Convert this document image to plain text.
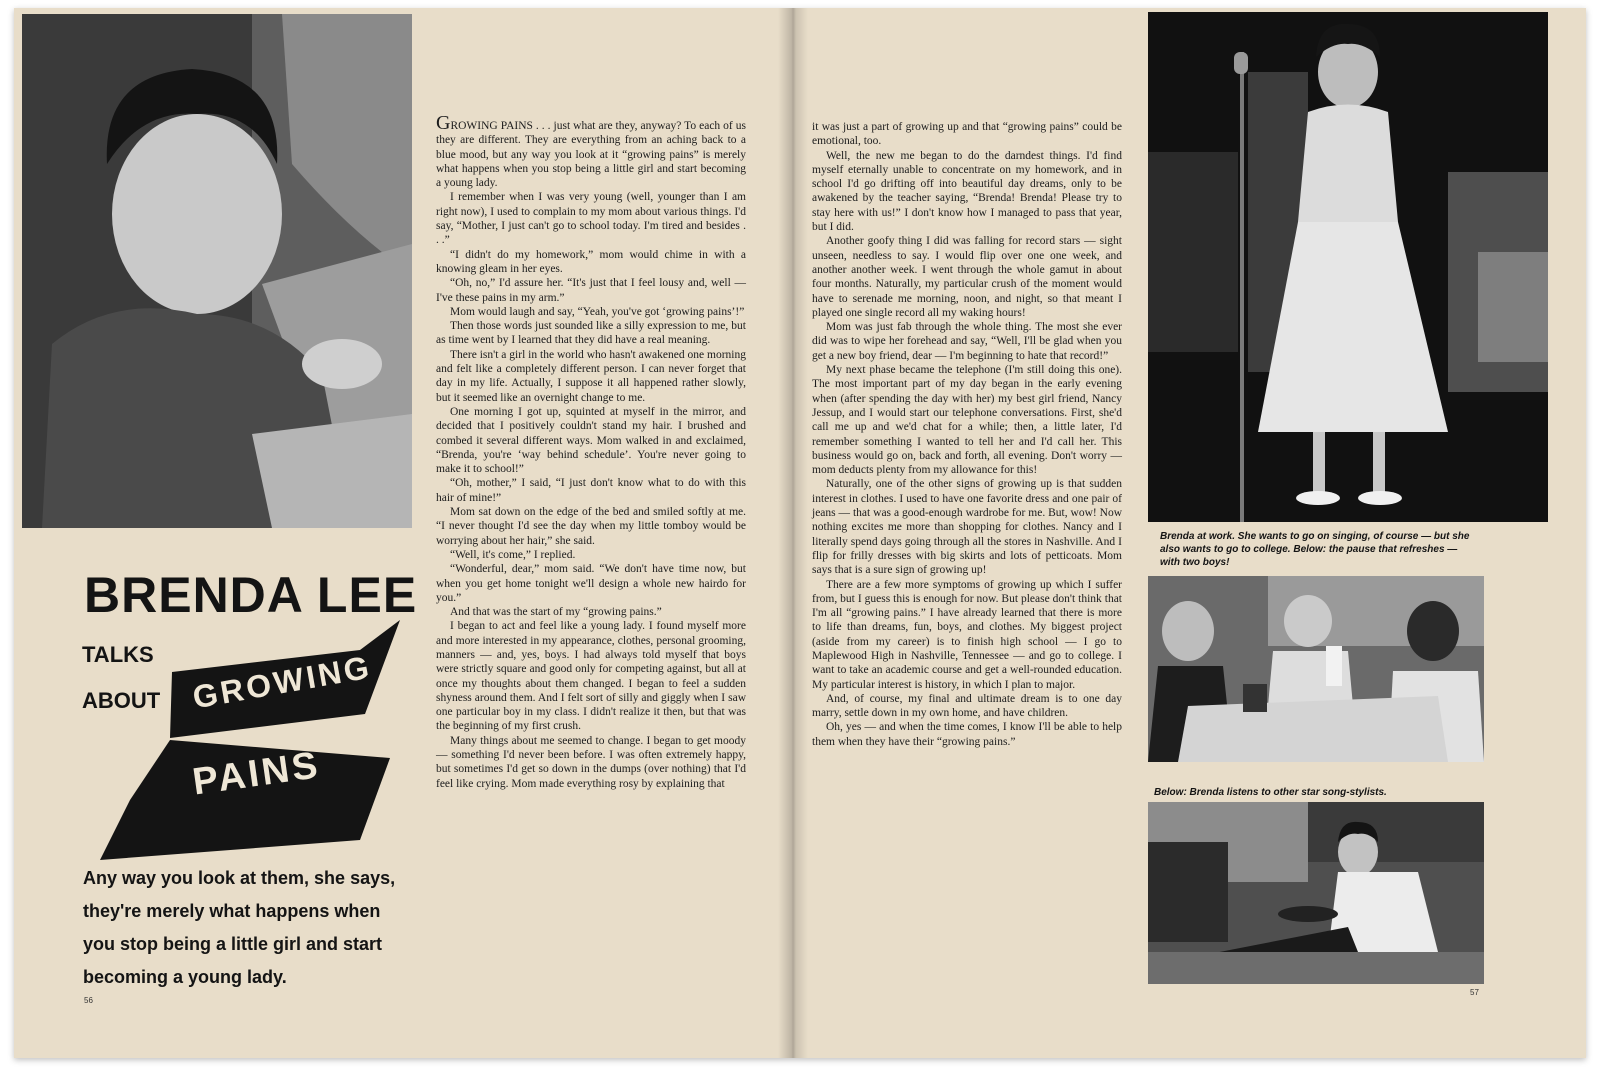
BRENDA LEE
TALKS
ABOUT GROWING
PAINS
Any way you look at them, she says, they're merely what happens when you stop being a little girl and start becoming a young lady.
56

GROWING PAINS . . . just what are they, anyway? To each of us they are different. They are everything from an aching back to a blue mood, but any way you look at it “growing pains” is merely what happens when you stop being a little girl and start becoming a young lady.

I remember when I was very young (well, younger than I am right now), I used to complain to my mom about various things. I'd say, “Mother, I just can't go to school today. I'm tired and besides . . .”

“I didn't do my homework,” mom would chime in with a knowing gleam in her eyes.

“Oh, no,” I'd assure her. “It's just that I feel lousy and, well — I've these pains in my arm.”

Mom would laugh and say, “Yeah, you've got ‘growing pains’!”

Then those words just sounded like a silly expression to me, but as time went by I learned that they did have a real meaning.

There isn't a girl in the world who hasn't awakened one morning and felt like a completely different person. I can never forget that day in my life. Actually, I suppose it all happened rather slowly, but it seemed like an overnight change to me.

One morning I got up, squinted at myself in the mirror, and decided that I positively couldn't stand my hair. I brushed and combed it several different ways. Mom walked in and exclaimed, “Brenda, you're ‘way behind schedule’. You're never going to make it to school!”

“Oh, mother,” I said, “I just don't know what to do with this hair of mine!”

Mom sat down on the edge of the bed and smiled softly at me. “I never thought I'd see the day when my little tomboy would be worrying about her hair,” she said.

“Well, it's come,” I replied.

“Wonderful, dear,” mom said. “We don't have time now, but when you get home tonight we'll design a whole new hairdo for you.”

And that was the start of my “growing pains.”

I began to act and feel like a young lady. I found myself more and more interested in my appearance, clothes, personal grooming, manners — and, yes, boys. I had always told myself that boys were strictly square and good only for competing against, but all at once my thoughts about them changed. I began to feel a sudden shyness around them. And I felt sort of silly and giggly when I saw one particular boy in my class. I didn't realize it then, but that was the beginning of my first crush.

Many things about me seemed to change. I began to get moody — something I'd never been before. I was often extremely happy, but sometimes I'd get so down in the dumps (over nothing) that I'd feel like crying. Mom made everything rosy by explaining that

it was just a part of growing up and that “growing pains” could be emotional, too.

Well, the new me began to do the darndest things. I'd find myself eternally unable to concentrate on my homework, and in school I'd go drifting off into beautiful day dreams, only to be awakened by the teacher saying, “Brenda! Brenda! Please try to stay here with us!” I don't know how I managed to pass that year, but I did.

Another goofy thing I did was falling for record stars — sight unseen, needless to say. I would flip over one one week, and another another week. I went through the whole gamut in about four months. Naturally, my particular crush of the moment would have to serenade me morning, noon, and night, so that meant I played one single record all my waking hours!

Mom was just fab through the whole thing. The most she ever did was to wipe her forehead and say, “Well, I'll be glad when you get a new boy friend, dear — I'm beginning to hate that record!”

My next phase became the telephone (I'm still doing this one). The most important part of my day began in the early evening when (after spending the day with her) my best girl friend, Nancy Jessup, and I would start our telephone conversations. First, she'd call me up and we'd chat for a while; then, a little later, I'd remember something I wanted to tell her and I'd call her. This business would go on, back and forth, all evening. Don't worry — mom deducts plenty from my allowance for this!

Naturally, one of the other signs of growing up is that sudden interest in clothes. I used to have one favorite dress and one pair of jeans — that was a good-enough wardrobe for me. But, wow! Now nothing excites me more than shopping for clothes. Nancy and I literally spend days going through all the stores in Nashville. And I flip for frilly dresses with big skirts and lots of petticoats. Mom says that is a sure sign of growing up!

There are a few more symptoms of growing up which I suffer from, but I guess this is enough for now. But please don't think that I'm all “growing pains.” I have already learned that there is more to life than dreams, fun, boys, and clothes. My biggest project (aside from my career) is to finish high school — I go to Maplewood High in Nashville, Tennessee — and go to college. I want to take an academic course and get a well-rounded education. My particular interest is history, in which I plan to major.

And, of course, my final and ultimate dream is to one day marry, settle down in my own home, and have children.

Oh, yes — and when the time comes, I know I'll be able to help them when they have their “growing pains.”

Brenda at work. She wants to go on singing, of course — but she also wants to go to college. Below: the pause that refreshes — with two boys!
Below: Brenda listens to other star song-stylists.
57
